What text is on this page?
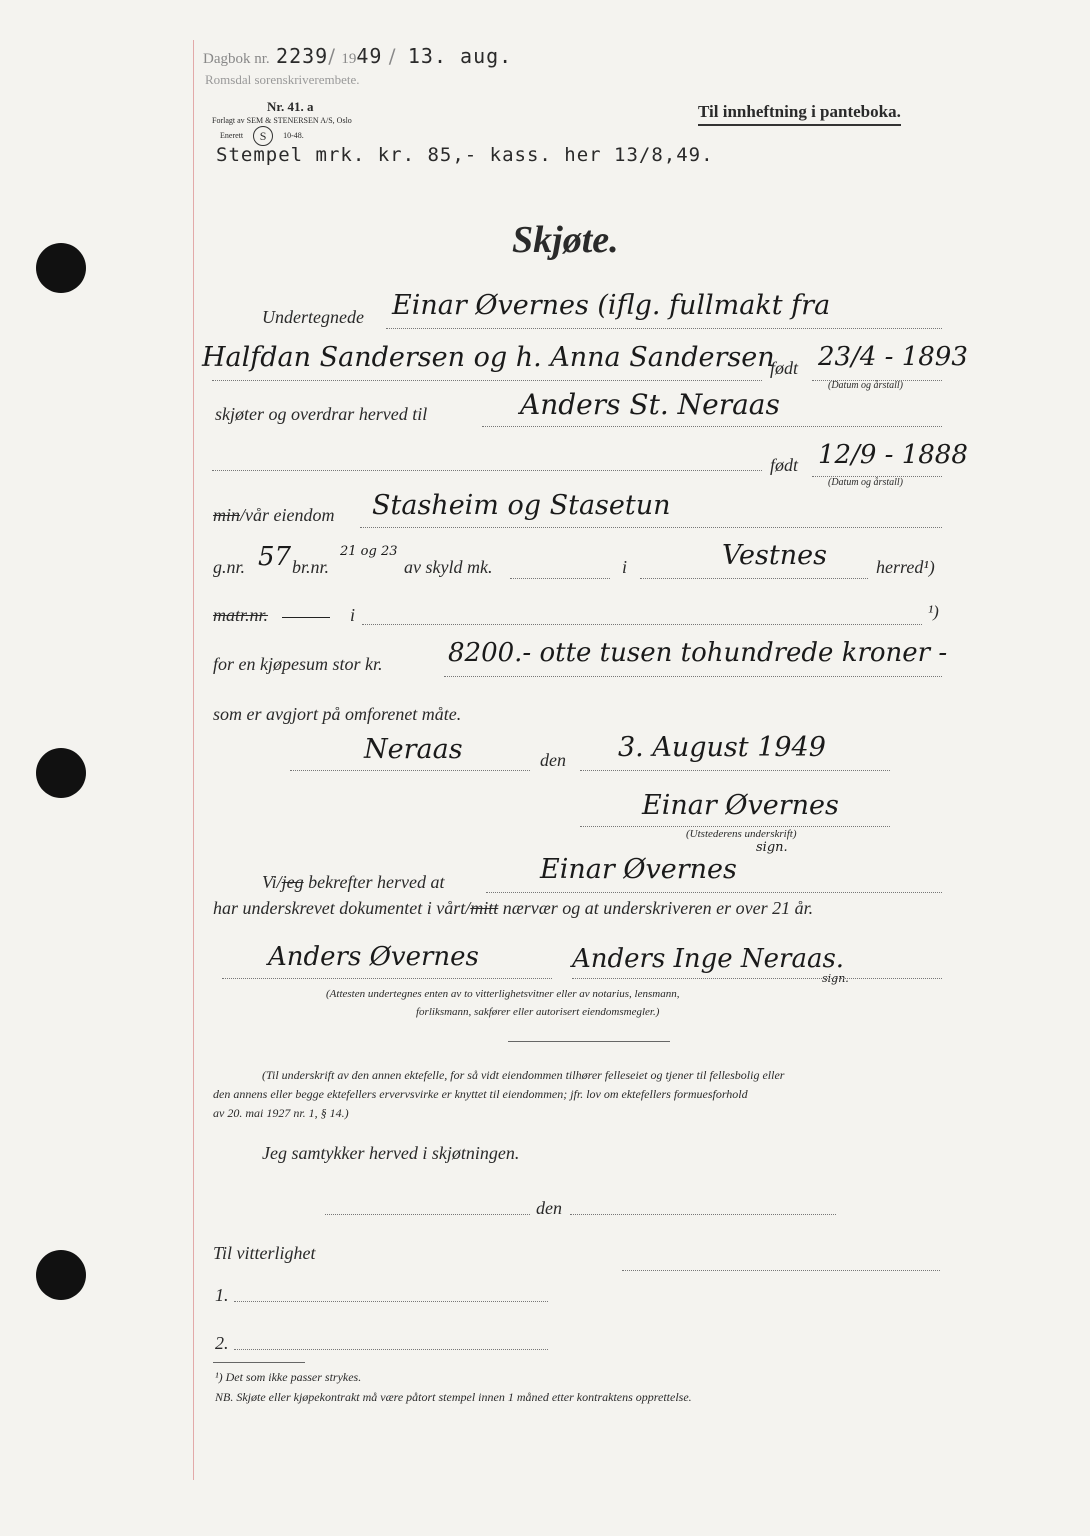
Dagbok nr. 2239/ 1949 / 13. aug.
Romsdal sorenskriverembete.
Nr. 41. a
Forlagt av SEM & STENERSEN A/S, Oslo
Enerett S 10-48.
Til innheftning i panteboka.
Stempel mrk. kr. 85,- kass. her 13/8,49.
Skjøte.
Undertegnede Einar Øvernes (iflg. fullmakt fra
Halfdan Sandersen og h. Anna Sandersen
født 23/4 - 1893
(Datum og årstall)
skjøter og overdrar herved til	Anders St. Neraas
født 12/9 - 1888
(Datum og årstall)
min/vår eiendom Stasheim og Stasetun
g.nr. 57 br.nr.
21 og 23
av skyld mk.	i	Vestnes	herred¹)
matr.nr.	i	¹)
for en kjøpesum stor kr.	8200.- otte tusen tohundrede kroner -
som er avgjort på omforenet måte.
Neraas	den 3. August 1949
Einar Øvernes
(Utstederens underskrift)
Vi/jeg bekrefter herved at	Einar Øvernes
sign.
har underskrevet dokumentet i vårt/mitt nærvær og at underskriveren er over 21 år.
Anders Øvernes	Anders Inge Neraas.
sign.
(Attesten undertegnes enten av to vitterlighetsvitner eller av notarius, lensmann,
forliksmann, sakfører eller autorisert eiendomsmegler.)
(Til underskrift av den annen ektefelle, for så vidt eiendommen tilhører felleseiet og tjener til fellesbolig eller
den annens eller begge ektefellers ervervsvirke er knyttet til eiendommen; jfr. lov om ektefellers formuesforhold
av 20. mai 1927 nr. 1, § 14.)
Jeg samtykker herved i skjøtningen.
den
Til vitterlighet
1.
2.
¹) Det som ikke passer strykes.
NB. Skjøte eller kjøpekontrakt må være påtort stempel innen 1 måned etter kontraktens opprettelse.
